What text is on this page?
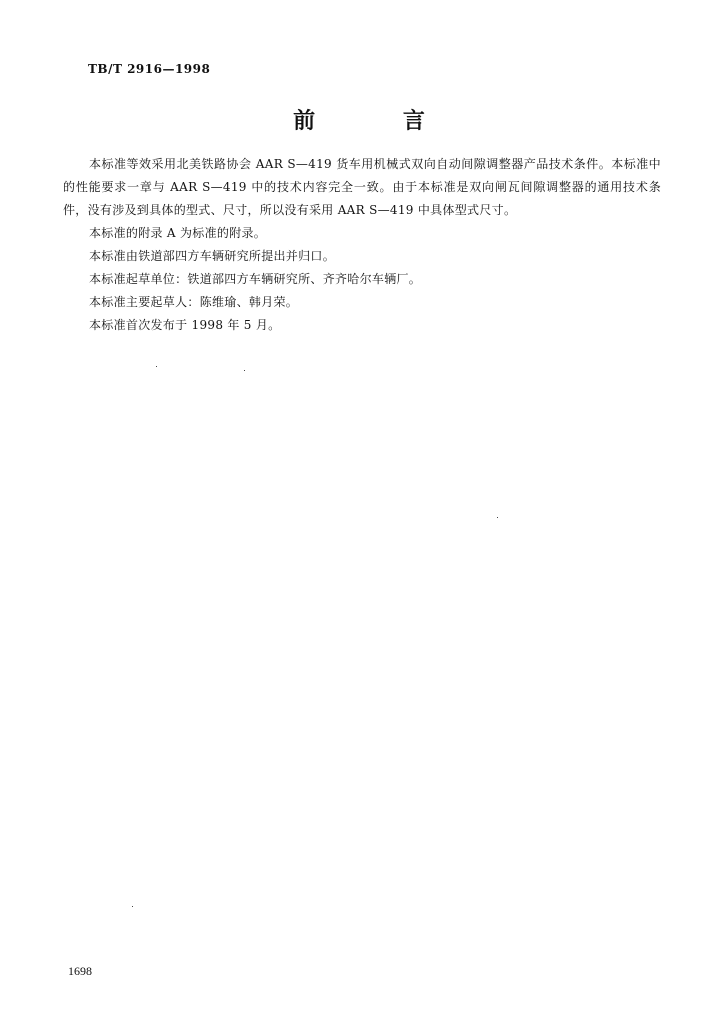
TB/T 2916—1998
前 言

本标准等效采用北美铁路协会 AAR S—419 货车用机械式双向自动间隙调整器产品技术条件。本标准中的性能要求一章与 AAR S—419 中的技术内容完全一致。由于本标准是双向闸瓦间隙调整器的通用技术条件，没有涉及到具体的型式、尺寸，所以没有采用 AAR S—419 中具体型式尺寸。

本标准的附录 A 为标准的附录。

本标准由铁道部四方车辆研究所提出并归口。

本标准起草单位：铁道部四方车辆研究所、齐齐哈尔车辆厂。

本标准主要起草人：陈维瑜、韩月荣。

本标准首次发布于 1998 年 5 月。

1698
